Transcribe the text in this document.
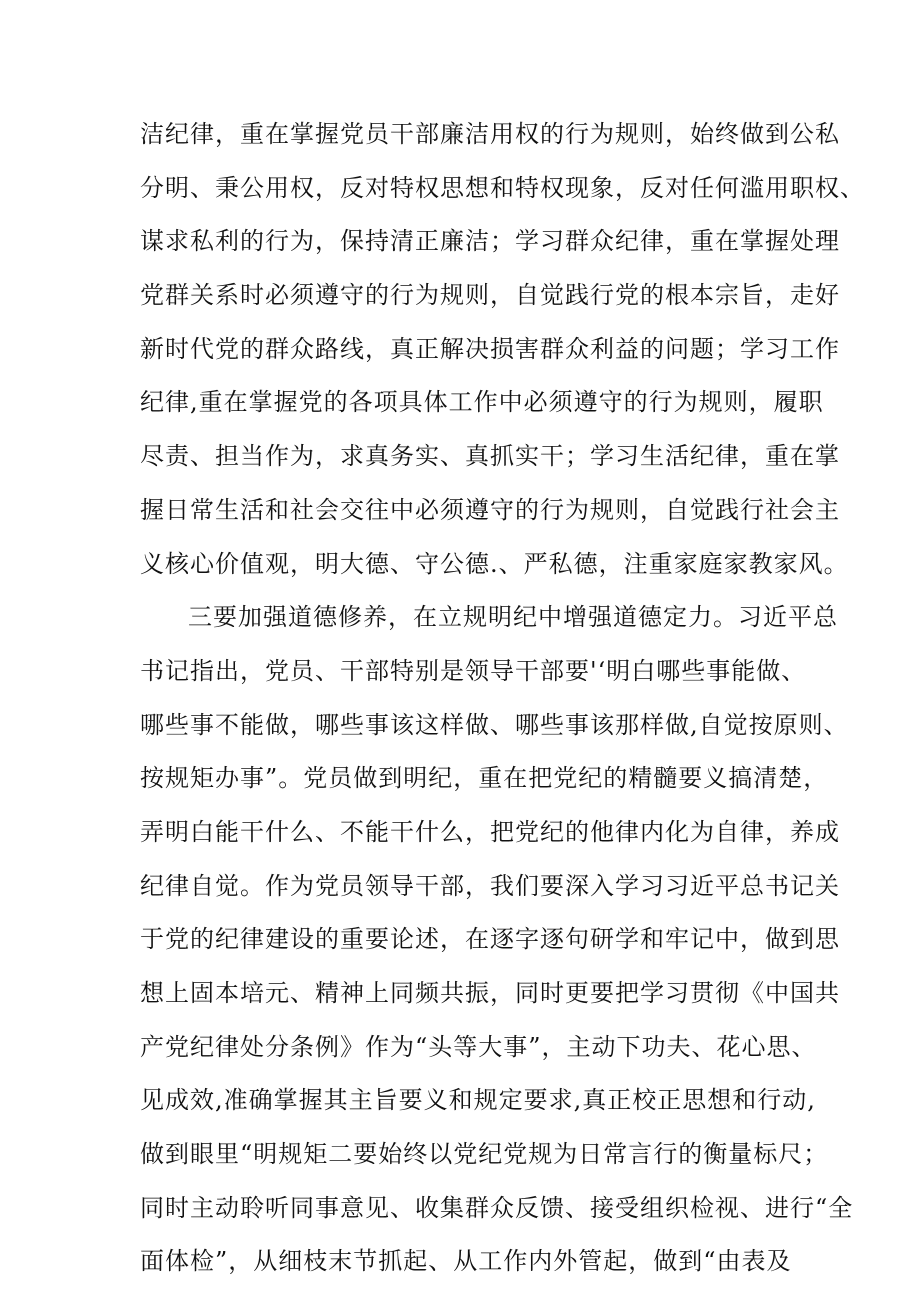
洁纪律，重在掌握党员干部廉洁用权的行为规则，始终做到公私
分明、秉公用权，反对特权思想和特权现象，反对任何滥用职权、
谋求私利的行为，保持清正廉洁；学习群众纪律，重在掌握处理
党群关系时必须遵守的行为规则，自觉践行党的根本宗旨，走好
新时代党的群众路线，真正解决损害群众利益的问题；学习工作
纪律,重在掌握党的各项具体工作中必须遵守的行为规则，履职
尽责、担当作为，求真务实、真抓实干；学习生活纪律，重在掌
握日常生活和社会交往中必须遵守的行为规则，自觉践行社会主
义核心价值观，明大德、守公德.、严私德，注重家庭家教家风。
三要加强道德修养，在立规明纪中增强道德定力。习近平总
书记指出，党员、干部特别是领导干部要'‘明白哪些事能做、
哪些事不能做，哪些事该这样做、哪些事该那样做,自觉按原则、
按规矩办事”。党员做到明纪，重在把党纪的精髓要义搞清楚，
弄明白能干什么、不能干什么，把党纪的他律内化为自律，养成
纪律自觉。作为党员领导干部，我们要深入学习习近平总书记关
于党的纪律建设的重要论述，在逐字逐句研学和牢记中，做到思
想上固本培元、精神上同频共振，同时更要把学习贯彻《中国共
产党纪律处分条例》作为“头等大事”，主动下功夫、花心思、
见成效,准确掌握其主旨要义和规定要求,真正校正思想和行动,
做到眼里“明规矩二要始终以党纪党规为日常言行的衡量标尺；
同时主动聆听同事意见、收集群众反馈、接受组织检视、进行“全
面体检”，从细枝末节抓起、从工作内外管起，做到“由表及
